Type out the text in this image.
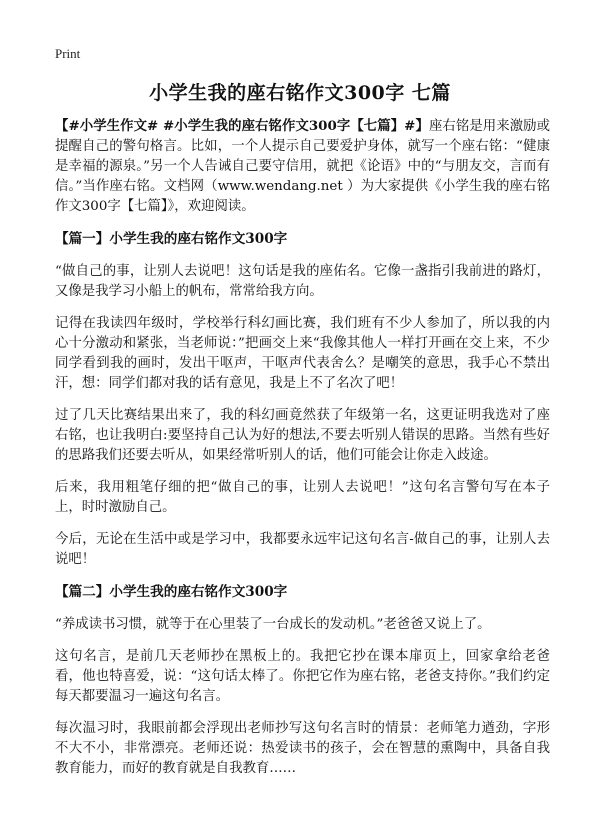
Print
小学生我的座右铭作文300字 七篇

【#小学生作文# #小学生我的座右铭作文300字【七篇】#】座右铭是用来激励或提醒自己的警句格言。比如，一个人提示自己要爱护身体，就写一个座右铭：“健康是幸福的源泉。”另一个人告诫自己要守信用，就把《论语》中的“与朋友交，言而有信。”当作座右铭。文档网（www.wendang.net ）为大家提供《小学生我的座右铭作文300字【七篇】》，欢迎阅读。

【篇一】小学生我的座右铭作文300字

“做自己的事，让别人去说吧！这句话是我的座佑名。它像一盏指引我前进的路灯，又像是我学习小船上的帆布，常常给我方向。

记得在我读四年级时，学校举行科幻画比赛，我们班有不少人参加了，所以我的内心十分激动和紧张，当老师说：”把画交上来“我像其他人一样打开画在交上来，不少同学看到我的画时，发出干呕声，干呕声代表舍么？是嘲笑的意思，我手心不禁出汗，想：同学们都对我的话有意见，我是上不了名次了吧！

过了几天比赛结果出来了，我的科幻画竟然获了年级第一名，这更证明我选对了座右铭，也让我明白:要坚持自己认为好的想法,不要去听别人错误的思路。当然有些好的思路我们还要去听从，如果经常听别人的话，他们可能会让你走入歧途。

后来，我用粗笔仔细的把“做自己的事，让别人去说吧！”这句名言警句写在本子上，时时激励自己。

今后，无论在生活中或是学习中，我都要永远牢记这句名言-做自己的事，让别人去说吧！

【篇二】小学生我的座右铭作文300字

“养成读书习惯，就等于在心里装了一台成长的发动机。”老爸爸又说上了。

这句名言，是前几天老师抄在黑板上的。我把它抄在课本扉页上，回家拿给老爸看，他也特喜爱，说：“这句话太棒了。你把它作为座右铭，老爸支持你。”我们约定每天都要温习一遍这句名言。

每次温习时，我眼前都会浮现出老师抄写这句名言时的情景：老师笔力遒劲，字形不大不小，非常漂亮。老师还说：热爱读书的孩子，会在智慧的熏陶中，具备自我教育能力，而好的教育就是自我教育……
